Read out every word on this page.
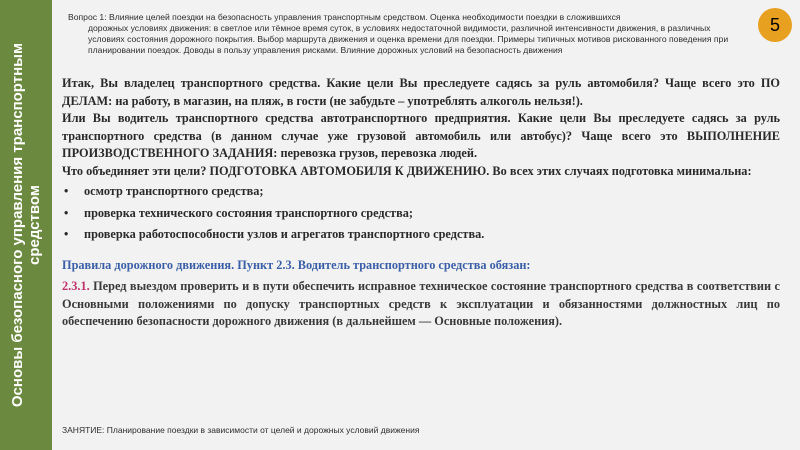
Основы безопасного управления транспортным средством
Вопрос 1: Влияние целей поездки на безопасность управления транспортным средством. Оценка необходимости поездки в сложившихся
дорожных условиях движения: в светлое или тёмное время суток, в условиях недостаточной видимости, различной интенсивности движения, в различных условиях состояния дорожного покрытия. Выбор маршрута движения и оценка времени для поездки. Примеры типичных мотивов рискованного поведения при планировании поездок. Доводы в пользу управления рисками. Влияние дорожных условий на безопасность движения
5

Итак, Вы владелец транспортного средства. Какие цели Вы преследуете садясь за руль автомобиля? Чаще всего это ПО ДЕЛАМ: на работу, в магазин, на пляж, в гости (не забудьте – употреблять алкоголь нельзя!).

Или Вы водитель транспортного средства автотранспортного предприятия. Какие цели Вы преследуете садясь за руль транспортного средства (в данном случае уже грузовой автомобиль или автобус)? Чаще всего это ВЫПОЛНЕНИЕ ПРОИЗВОДСТВЕННОГО ЗАДАНИЯ: перевозка грузов, перевозка людей.

Что объединяет эти цели? ПОДГОТОВКА АВТОМОБИЛЯ К ДВИЖЕНИЮ. Во всех этих случаях подготовка минимальна:

• осмотр транспортного средства;
• проверка технического состояния транспортного средства;
• проверка работоспособности узлов и агрегатов транспортного средства.

Правила дорожного движения. Пункт 2.3. Водитель транспортного средства обязан:

2.3.1. Перед выездом проверить и в пути обеспечить исправное техническое состояние транспортного средства в соответствии с Основными положениями по допуску транспортных средств к эксплуатации и обязанностями должностных лиц по обеспечению безопасности дорожного движения (в дальнейшем — Основные положения).

ЗАНЯТИЕ: Планирование поездки в зависимости от целей и дорожных условий движения
